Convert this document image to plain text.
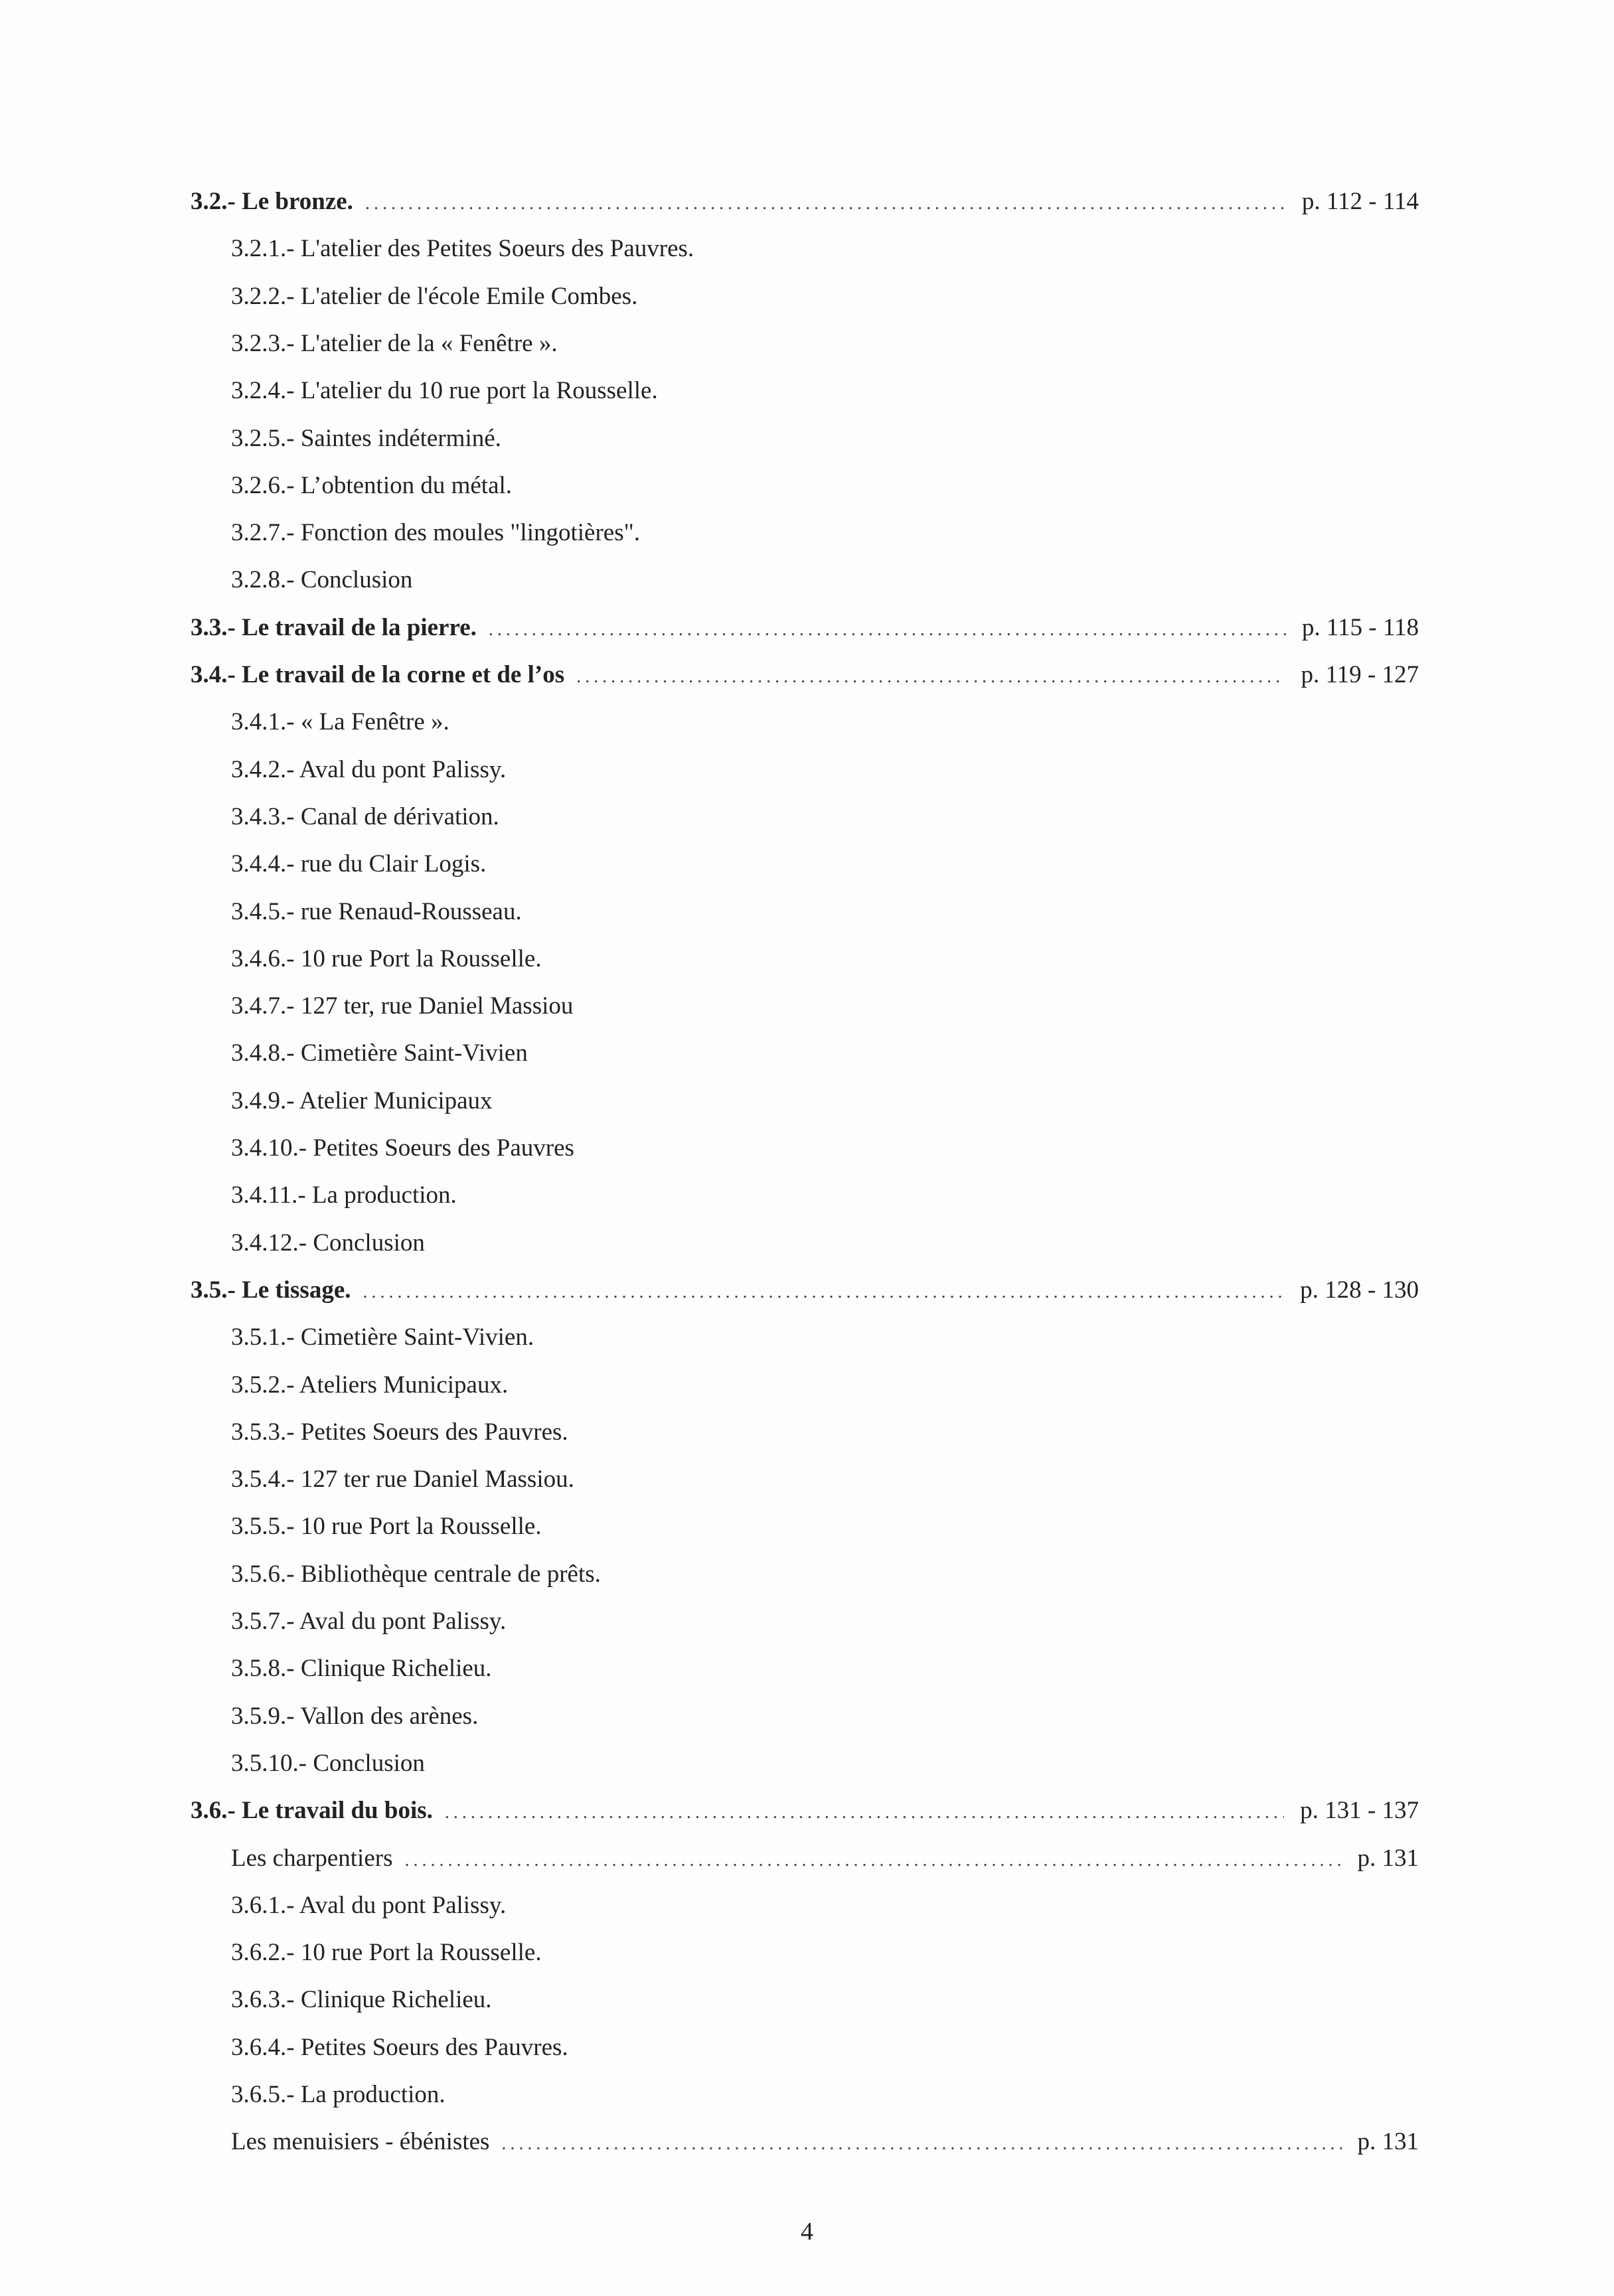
3.2.- Le bronze. .....	p. 112 - 114
3.2.1.- L'atelier des Petites Soeurs des Pauvres.
3.2.2.- L'atelier de l'école Emile Combes.
3.2.3.- L'atelier de la « Fenêtre ».
3.2.4.- L'atelier du 10 rue port la Rousselle.
3.2.5.- Saintes indéterminé.
3.2.6.- L’obtention du métal.
3.2.7.- Fonction des moules "lingotières".
3.2.8.- Conclusion
3.3.- Le travail de la pierre. .....	p. 115 - 118
3.4.- Le travail de la corne et de l’os .....	p. 119 - 127
3.4.1.- « La Fenêtre ».
3.4.2.- Aval du pont Palissy.
3.4.3.- Canal de dérivation.
3.4.4.- rue du Clair Logis.
3.4.5.- rue Renaud-Rousseau.
3.4.6.- 10 rue Port la Rousselle.
3.4.7.- 127 ter, rue Daniel Massiou
3.4.8.- Cimetière Saint-Vivien
3.4.9.- Atelier Municipaux
3.4.10.- Petites Soeurs des Pauvres
3.4.11.- La production.
3.4.12.- Conclusion
3.5.- Le tissage. .....	p. 128 - 130
3.5.1.- Cimetière Saint-Vivien.
3.5.2.- Ateliers Municipaux.
3.5.3.- Petites Soeurs des Pauvres.
3.5.4.- 127 ter rue Daniel Massiou.
3.5.5.- 10 rue Port la Rousselle.
3.5.6.- Bibliothèque centrale de prêts.
3.5.7.- Aval du pont Palissy.
3.5.8.- Clinique Richelieu.
3.5.9.- Vallon des arènes.
3.5.10.- Conclusion
3.6.- Le travail du bois. .....	p. 131 - 137
Les charpentiers .....	p. 131
3.6.1.- Aval du pont Palissy.
3.6.2.- 10 rue Port la Rousselle.
3.6.3.- Clinique Richelieu.
3.6.4.- Petites Soeurs des Pauvres.
3.6.5.- La production.
Les menuisiers - ébénistes .....	p. 131
4
